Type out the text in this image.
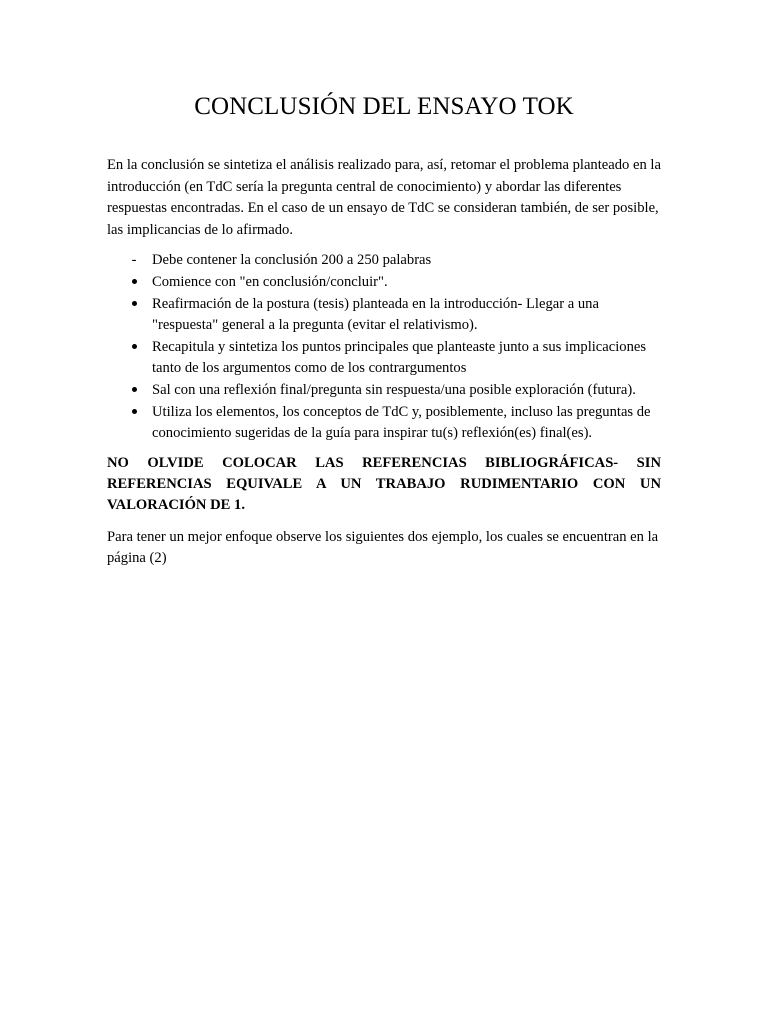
CONCLUSIÓN DEL ENSAYO TOK

En la conclusión se sintetiza el análisis realizado para, así, retomar el problema planteado en la introducción (en TdC sería la pregunta central de conocimiento) y abordar las diferentes respuestas encontradas. En el caso de un ensayo de TdC se consideran también, de ser posible, las implicancias de lo afirmado.

- Debe contener la conclusión 200 a 250 palabras
Comience con "en conclusión/concluir".
Reafirmación de la postura (tesis) planteada en la introducción- Llegar a una "respuesta" general a la pregunta (evitar el relativismo).
Recapitula y sintetiza los puntos principales que planteaste junto a sus implicaciones tanto de los argumentos como de los contrargumentos
Sal con una reflexión final/pregunta sin respuesta/una posible exploración (futura).
Utiliza los elementos, los conceptos de TdC y, posiblemente, incluso las preguntas de conocimiento sugeridas de la guía para inspirar tu(s) reflexión(es) final(es).

NO OLVIDE COLOCAR LAS REFERENCIAS BIBLIOGRÁFICAS- SIN REFERENCIAS EQUIVALE A UN TRABAJO RUDIMENTARIO CON UN VALORACIÓN DE 1.

Para tener un mejor enfoque observe los siguientes dos ejemplo, los cuales se encuentran en la página (2)
